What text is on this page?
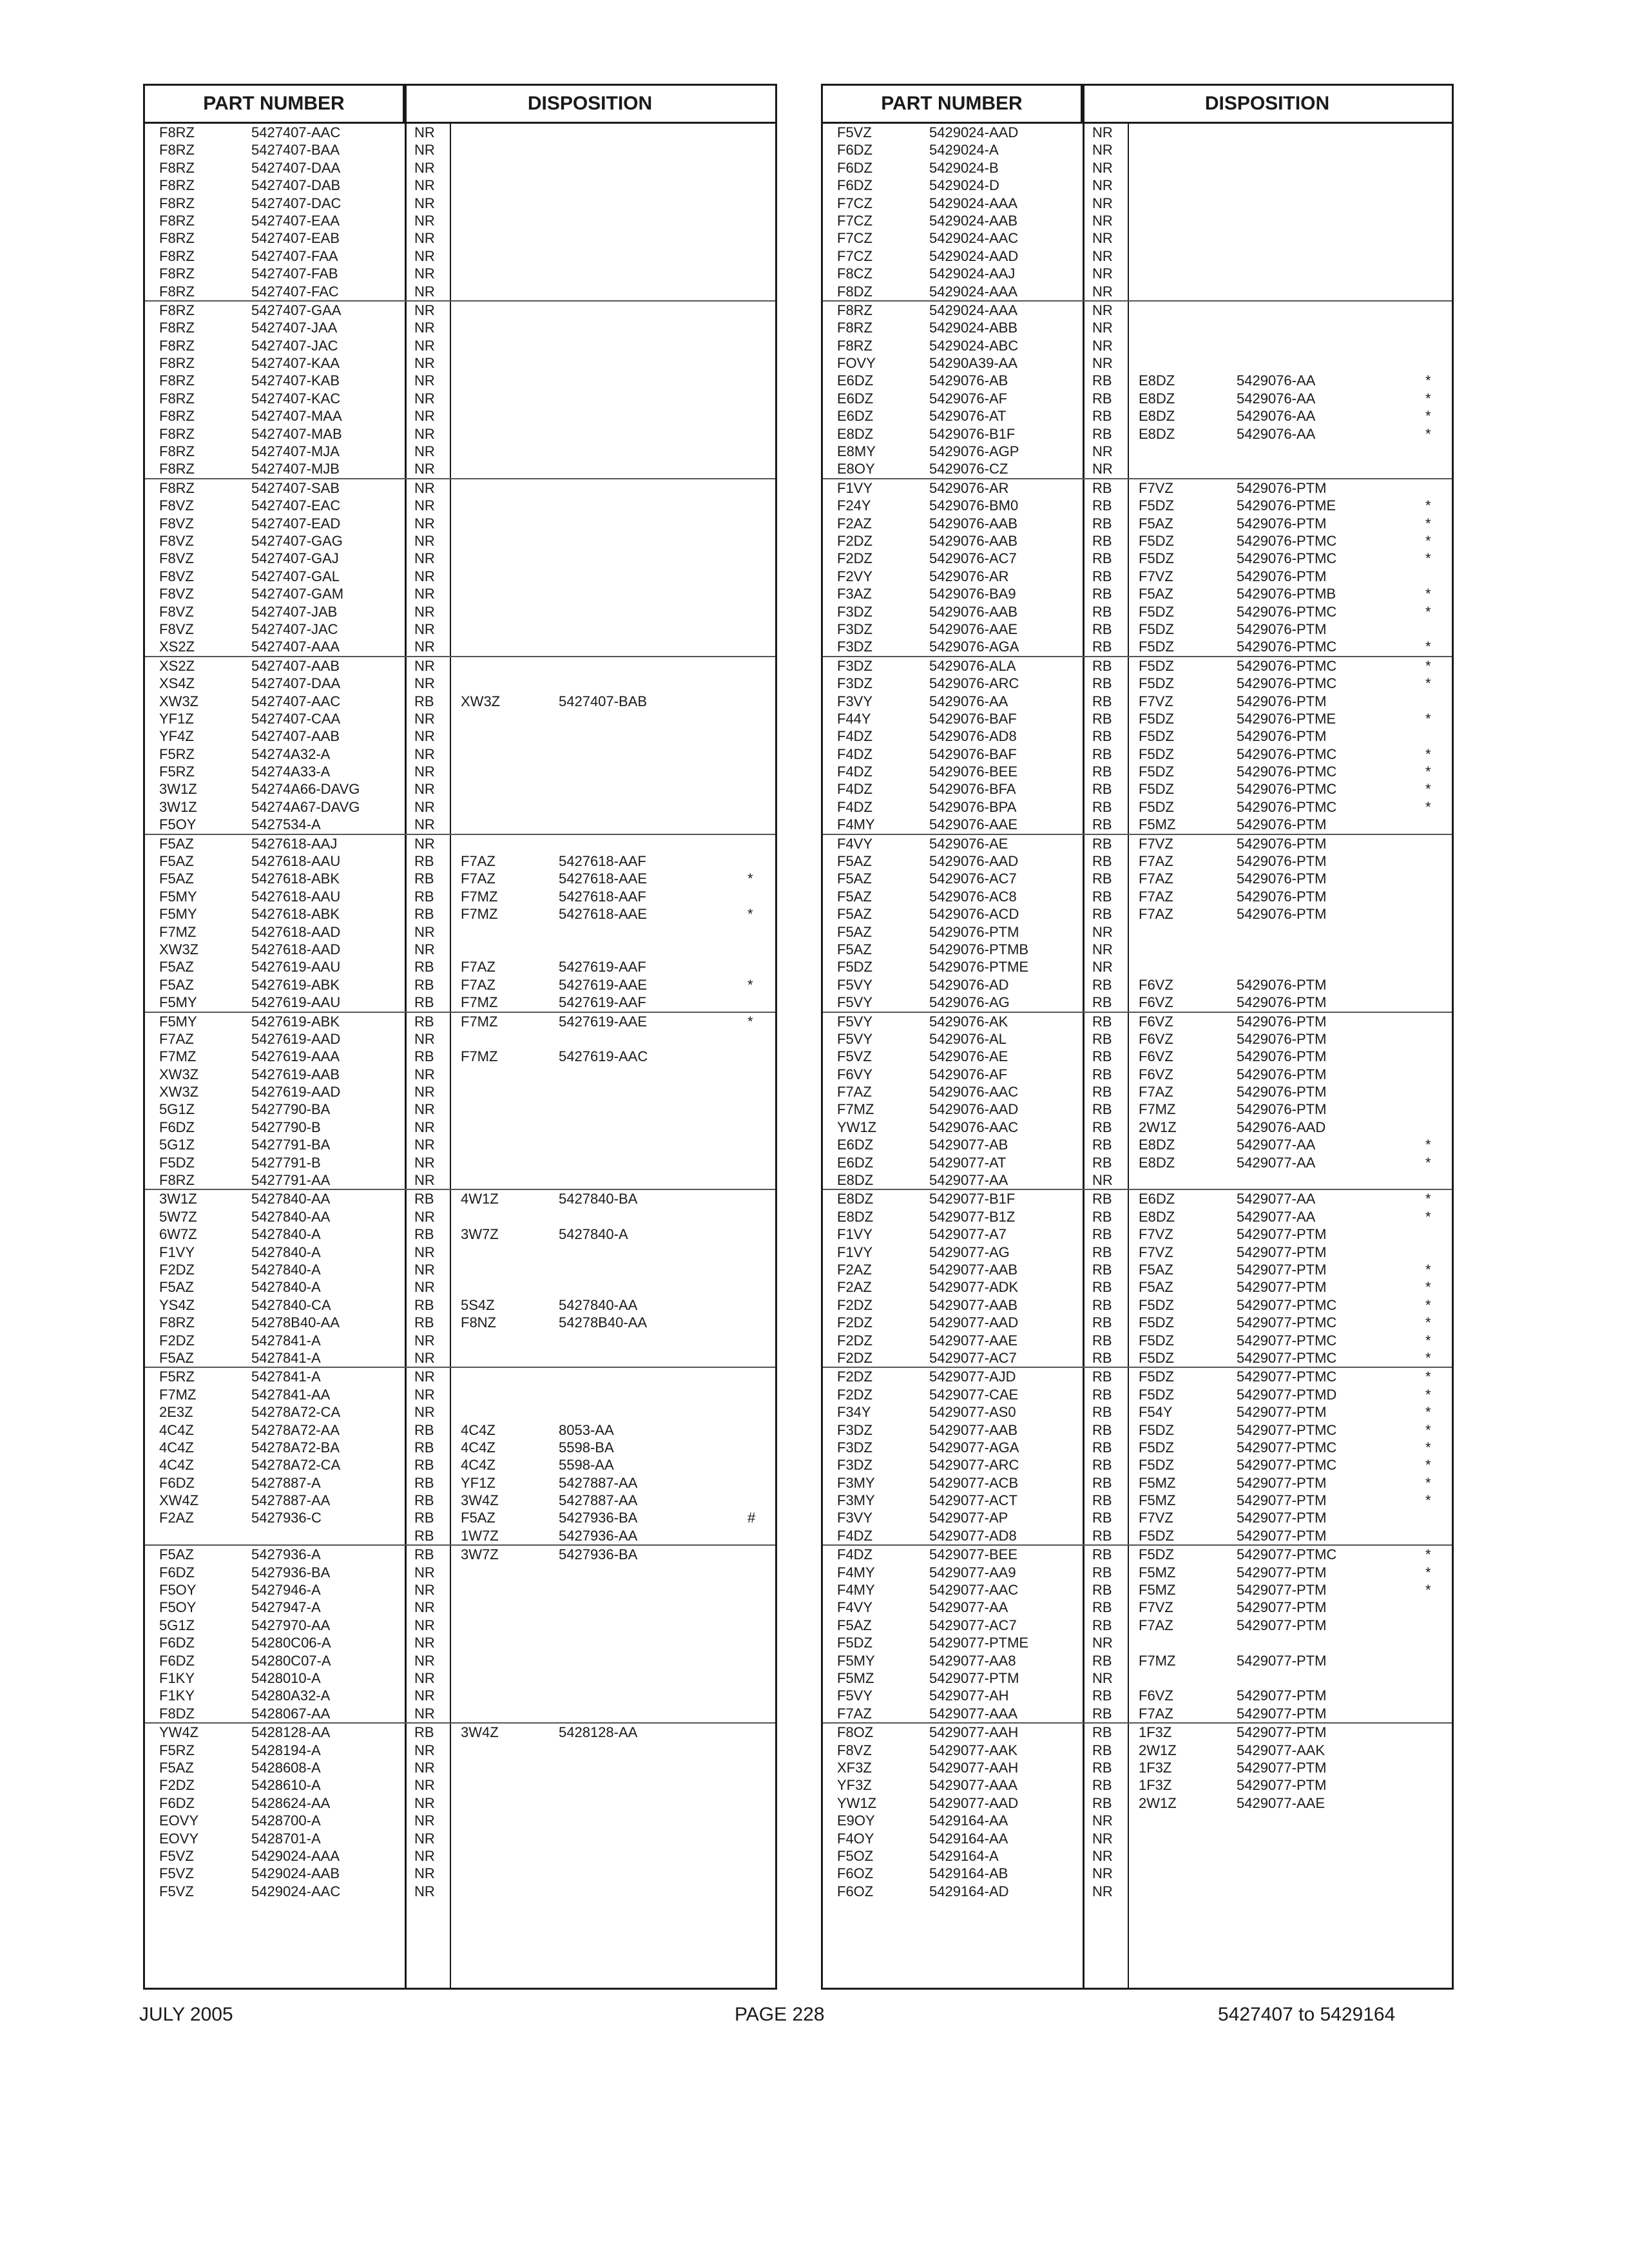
PART NUMBER	DISPOSITION
F8RZ	5427407-AAC	NR
F8RZ	5427407-BAA	NR
F8RZ	5427407-DAA	NR
F8RZ	5427407-DAB	NR
F8RZ	5427407-DAC	NR
F8RZ	5427407-EAA	NR
F8RZ	5427407-EAB	NR
F8RZ	5427407-FAA	NR
F8RZ	5427407-FAB	NR
F8RZ	5427407-FAC	NR
F8RZ	5427407-GAA	NR
F8RZ	5427407-JAA	NR
F8RZ	5427407-JAC	NR
F8RZ	5427407-KAA	NR
F8RZ	5427407-KAB	NR
F8RZ	5427407-KAC	NR
F8RZ	5427407-MAA	NR
F8RZ	5427407-MAB	NR
F8RZ	5427407-MJA	NR
F8RZ	5427407-MJB	NR
F8RZ	5427407-SAB	NR
F8VZ	5427407-EAC	NR
F8VZ	5427407-EAD	NR
F8VZ	5427407-GAG	NR
F8VZ	5427407-GAJ	NR
F8VZ	5427407-GAL	NR
F8VZ	5427407-GAM	NR
F8VZ	5427407-JAB	NR
F8VZ	5427407-JAC	NR
XS2Z	5427407-AAA	NR
XS2Z	5427407-AAB	NR
XS4Z	5427407-DAA	NR
XW3Z	5427407-AAC	RB XW3Z	5427407-BAB
YF1Z	5427407-CAA	NR
YF4Z	5427407-AAB	NR
F5RZ	54274A32-A	NR
F5RZ	54274A33-A	NR
3W1Z	54274A66-DAVG	NR
3W1Z	54274A67-DAVG	NR
F5OY	5427534-A	NR
F5AZ	5427618-AAJ	NR
F5AZ	5427618-AAU	RB F7AZ	5427618-AAF
F5AZ	5427618-ABK	RB F7AZ	5427618-AAE	*
F5MY	5427618-AAU	RB F7MZ	5427618-AAF
F5MY	5427618-ABK	RB F7MZ	5427618-AAE	*
F7MZ	5427618-AAD	NR
XW3Z	5427618-AAD	NR
F5AZ	5427619-AAU	RB F7AZ	5427619-AAF
F5AZ	5427619-ABK	RB F7AZ	5427619-AAE	*
F5MY	5427619-AAU	RB F7MZ	5427619-AAF
F5MY	5427619-ABK	RB F7MZ	5427619-AAE	*
F7AZ	5427619-AAD	NR
F7MZ	5427619-AAA	RB F7MZ	5427619-AAC
XW3Z	5427619-AAB	NR
XW3Z	5427619-AAD	NR
5G1Z	5427790-BA	NR
F6DZ	5427790-B	NR
5G1Z	5427791-BA	NR
F5DZ	5427791-B	NR
F8RZ	5427791-AA	NR
3W1Z	5427840-AA	RB 4W1Z	5427840-BA
5W7Z	5427840-AA	NR
6W7Z	5427840-A	RB 3W7Z	5427840-A
F1VY	5427840-A	NR
F2DZ	5427840-A	NR
F5AZ	5427840-A	NR
YS4Z	5427840-CA	RB 5S4Z	5427840-AA
F8RZ	54278B40-AA	RB F8NZ	54278B40-AA
F2DZ	5427841-A	NR
F5AZ	5427841-A	NR
F5RZ	5427841-A	NR
F7MZ	5427841-AA	NR
2E3Z	54278A72-CA	NR
4C4Z	54278A72-AA	RB 4C4Z	8053-AA
4C4Z	54278A72-BA	RB 4C4Z	5598-BA
4C4Z	54278A72-CA	RB 4C4Z	5598-AA
F6DZ	5427887-A	RB YF1Z	5427887-AA
XW4Z	5427887-AA	RB 3W4Z	5427887-AA
F2AZ	5427936-C	RB F5AZ	5427936-BA	#
RB 1W7Z	5427936-AA
F5AZ	5427936-A	RB 3W7Z	5427936-BA
F6DZ	5427936-BA	NR
F5OY	5427946-A	NR
F5OY	5427947-A	NR
5G1Z	5427970-AA	NR
F6DZ	54280C06-A	NR
F6DZ	54280C07-A	NR
F1KY	5428010-A	NR
F1KY	54280A32-A	NR
F8DZ	5428067-AA	NR
YW4Z	5428128-AA	RB 3W4Z	5428128-AA
F5RZ	5428194-A	NR
F5AZ	5428608-A	NR
F2DZ	5428610-A	NR
F6DZ	5428624-AA	NR
EOVY	5428700-A	NR
EOVY	5428701-A	NR
F5VZ	5429024-AAA	NR
F5VZ	5429024-AAB	NR
F5VZ	5429024-AAC	NR
PART NUMBER	DISPOSITION
F5VZ	5429024-AAD	NR
F6DZ	5429024-A	NR
F6DZ	5429024-B	NR
F6DZ	5429024-D	NR
F7CZ	5429024-AAA	NR
F7CZ	5429024-AAB	NR
F7CZ	5429024-AAC	NR
F7CZ	5429024-AAD	NR
F8CZ	5429024-AAJ	NR
F8DZ	5429024-AAA	NR
F8RZ	5429024-AAA	NR
F8RZ	5429024-ABB	NR
F8RZ	5429024-ABC	NR
FOVY	54290A39-AA	NR
E6DZ	5429076-AB	RB E8DZ	5429076-AA	*
E6DZ	5429076-AF	RB E8DZ	5429076-AA	*
E6DZ	5429076-AT	RB E8DZ	5429076-AA	*
E8DZ	5429076-B1F	RB E8DZ	5429076-AA	*
E8MY	5429076-AGP	NR
E8OY	5429076-CZ	NR
F1VY	5429076-AR	RB F7VZ	5429076-PTM
F24Y	5429076-BM0	RB F5DZ	5429076-PTME	*
F2AZ	5429076-AAB	RB F5AZ	5429076-PTM	*
F2DZ	5429076-AAB	RB F5DZ	5429076-PTMC	*
F2DZ	5429076-AC7	RB F5DZ	5429076-PTMC	*
F2VY	5429076-AR	RB F7VZ	5429076-PTM
F3AZ	5429076-BA9	RB F5AZ	5429076-PTMB	*
F3DZ	5429076-AAB	RB F5DZ	5429076-PTMC	*
F3DZ	5429076-AAE	RB F5DZ	5429076-PTM
F3DZ	5429076-AGA	RB F5DZ	5429076-PTMC	*
F3DZ	5429076-ALA	RB F5DZ	5429076-PTMC	*
F3DZ	5429076-ARC	RB F5DZ	5429076-PTMC	*
F3VY	5429076-AA	RB F7VZ	5429076-PTM
F44Y	5429076-BAF	RB F5DZ	5429076-PTME	*
F4DZ	5429076-AD8	RB F5DZ	5429076-PTM
F4DZ	5429076-BAF	RB F5DZ	5429076-PTMC	*
F4DZ	5429076-BEE	RB F5DZ	5429076-PTMC	*
F4DZ	5429076-BFA	RB F5DZ	5429076-PTMC	*
F4DZ	5429076-BPA	RB F5DZ	5429076-PTMC	*
F4MY	5429076-AAE	RB F5MZ	5429076-PTM
F4VY	5429076-AE	RB F7VZ	5429076-PTM
F5AZ	5429076-AAD	RB F7AZ	5429076-PTM
F5AZ	5429076-AC7	RB F7AZ	5429076-PTM
F5AZ	5429076-AC8	RB F7AZ	5429076-PTM
F5AZ	5429076-ACD	RB F7AZ	5429076-PTM
F5AZ	5429076-PTM	NR
F5AZ	5429076-PTMB	NR
F5DZ	5429076-PTME	NR
F5VY	5429076-AD	RB F6VZ	5429076-PTM
F5VY	5429076-AG	RB F6VZ	5429076-PTM
F5VY	5429076-AK	RB F6VZ	5429076-PTM
F5VY	5429076-AL	RB F6VZ	5429076-PTM
F5VZ	5429076-AE	RB F6VZ	5429076-PTM
F6VY	5429076-AF	RB F6VZ	5429076-PTM
F7AZ	5429076-AAC	RB F7AZ	5429076-PTM
F7MZ	5429076-AAD	RB F7MZ	5429076-PTM
YW1Z	5429076-AAC	RB 2W1Z	5429076-AAD
E6DZ	5429077-AB	RB E8DZ	5429077-AA	*
E6DZ	5429077-AT	RB E8DZ	5429077-AA	*
E8DZ	5429077-AA	NR
E8DZ	5429077-B1F	RB E6DZ	5429077-AA	*
E8DZ	5429077-B1Z	RB E8DZ	5429077-AA	*
F1VY	5429077-A7	RB F7VZ	5429077-PTM
F1VY	5429077-AG	RB F7VZ	5429077-PTM
F2AZ	5429077-AAB	RB F5AZ	5429077-PTM	*
F2AZ	5429077-ADK	RB F5AZ	5429077-PTM	*
F2DZ	5429077-AAB	RB F5DZ	5429077-PTMC	*
F2DZ	5429077-AAD	RB F5DZ	5429077-PTMC	*
F2DZ	5429077-AAE	RB F5DZ	5429077-PTMC	*
F2DZ	5429077-AC7	RB F5DZ	5429077-PTMC	*
F2DZ	5429077-AJD	RB F5DZ	5429077-PTMC	*
F2DZ	5429077-CAE	RB F5DZ	5429077-PTMD	*
F34Y	5429077-AS0	RB F54Y	5429077-PTM	*
F3DZ	5429077-AAB	RB F5DZ	5429077-PTMC	*
F3DZ	5429077-AGA	RB F5DZ	5429077-PTMC	*
F3DZ	5429077-ARC	RB F5DZ	5429077-PTMC	*
F3MY	5429077-ACB	RB F5MZ	5429077-PTM	*
F3MY	5429077-ACT	RB F5MZ	5429077-PTM	*
F3VY	5429077-AP	RB F7VZ	5429077-PTM
F4DZ	5429077-AD8	RB F5DZ	5429077-PTM
F4DZ	5429077-BEE	RB F5DZ	5429077-PTMC	*
F4MY	5429077-AA9	RB F5MZ	5429077-PTM	*
F4MY	5429077-AAC	RB F5MZ	5429077-PTM	*
F4VY	5429077-AA	RB F7VZ	5429077-PTM
F5AZ	5429077-AC7	RB F7AZ	5429077-PTM
F5DZ	5429077-PTME	NR
F5MY	5429077-AA8	RB F7MZ	5429077-PTM
F5MZ	5429077-PTM	NR
F5VY	5429077-AH	RB F6VZ	5429077-PTM
F7AZ	5429077-AAA	RB F7AZ	5429077-PTM
F8OZ	5429077-AAH	RB 1F3Z	5429077-PTM
F8VZ	5429077-AAK	RB 2W1Z	5429077-AAK
XF3Z	5429077-AAH	RB 1F3Z	5429077-PTM
YF3Z	5429077-AAA	RB 1F3Z	5429077-PTM
YW1Z	5429077-AAD	RB 2W1Z	5429077-AAE
E9OY	5429164-AA	NR
F4OY	5429164-AA	NR
F5OZ	5429164-A	NR
F6OZ	5429164-AB	NR
F6OZ	5429164-AD	NR
JULY 2005	PAGE 228	5427407 to 5429164
